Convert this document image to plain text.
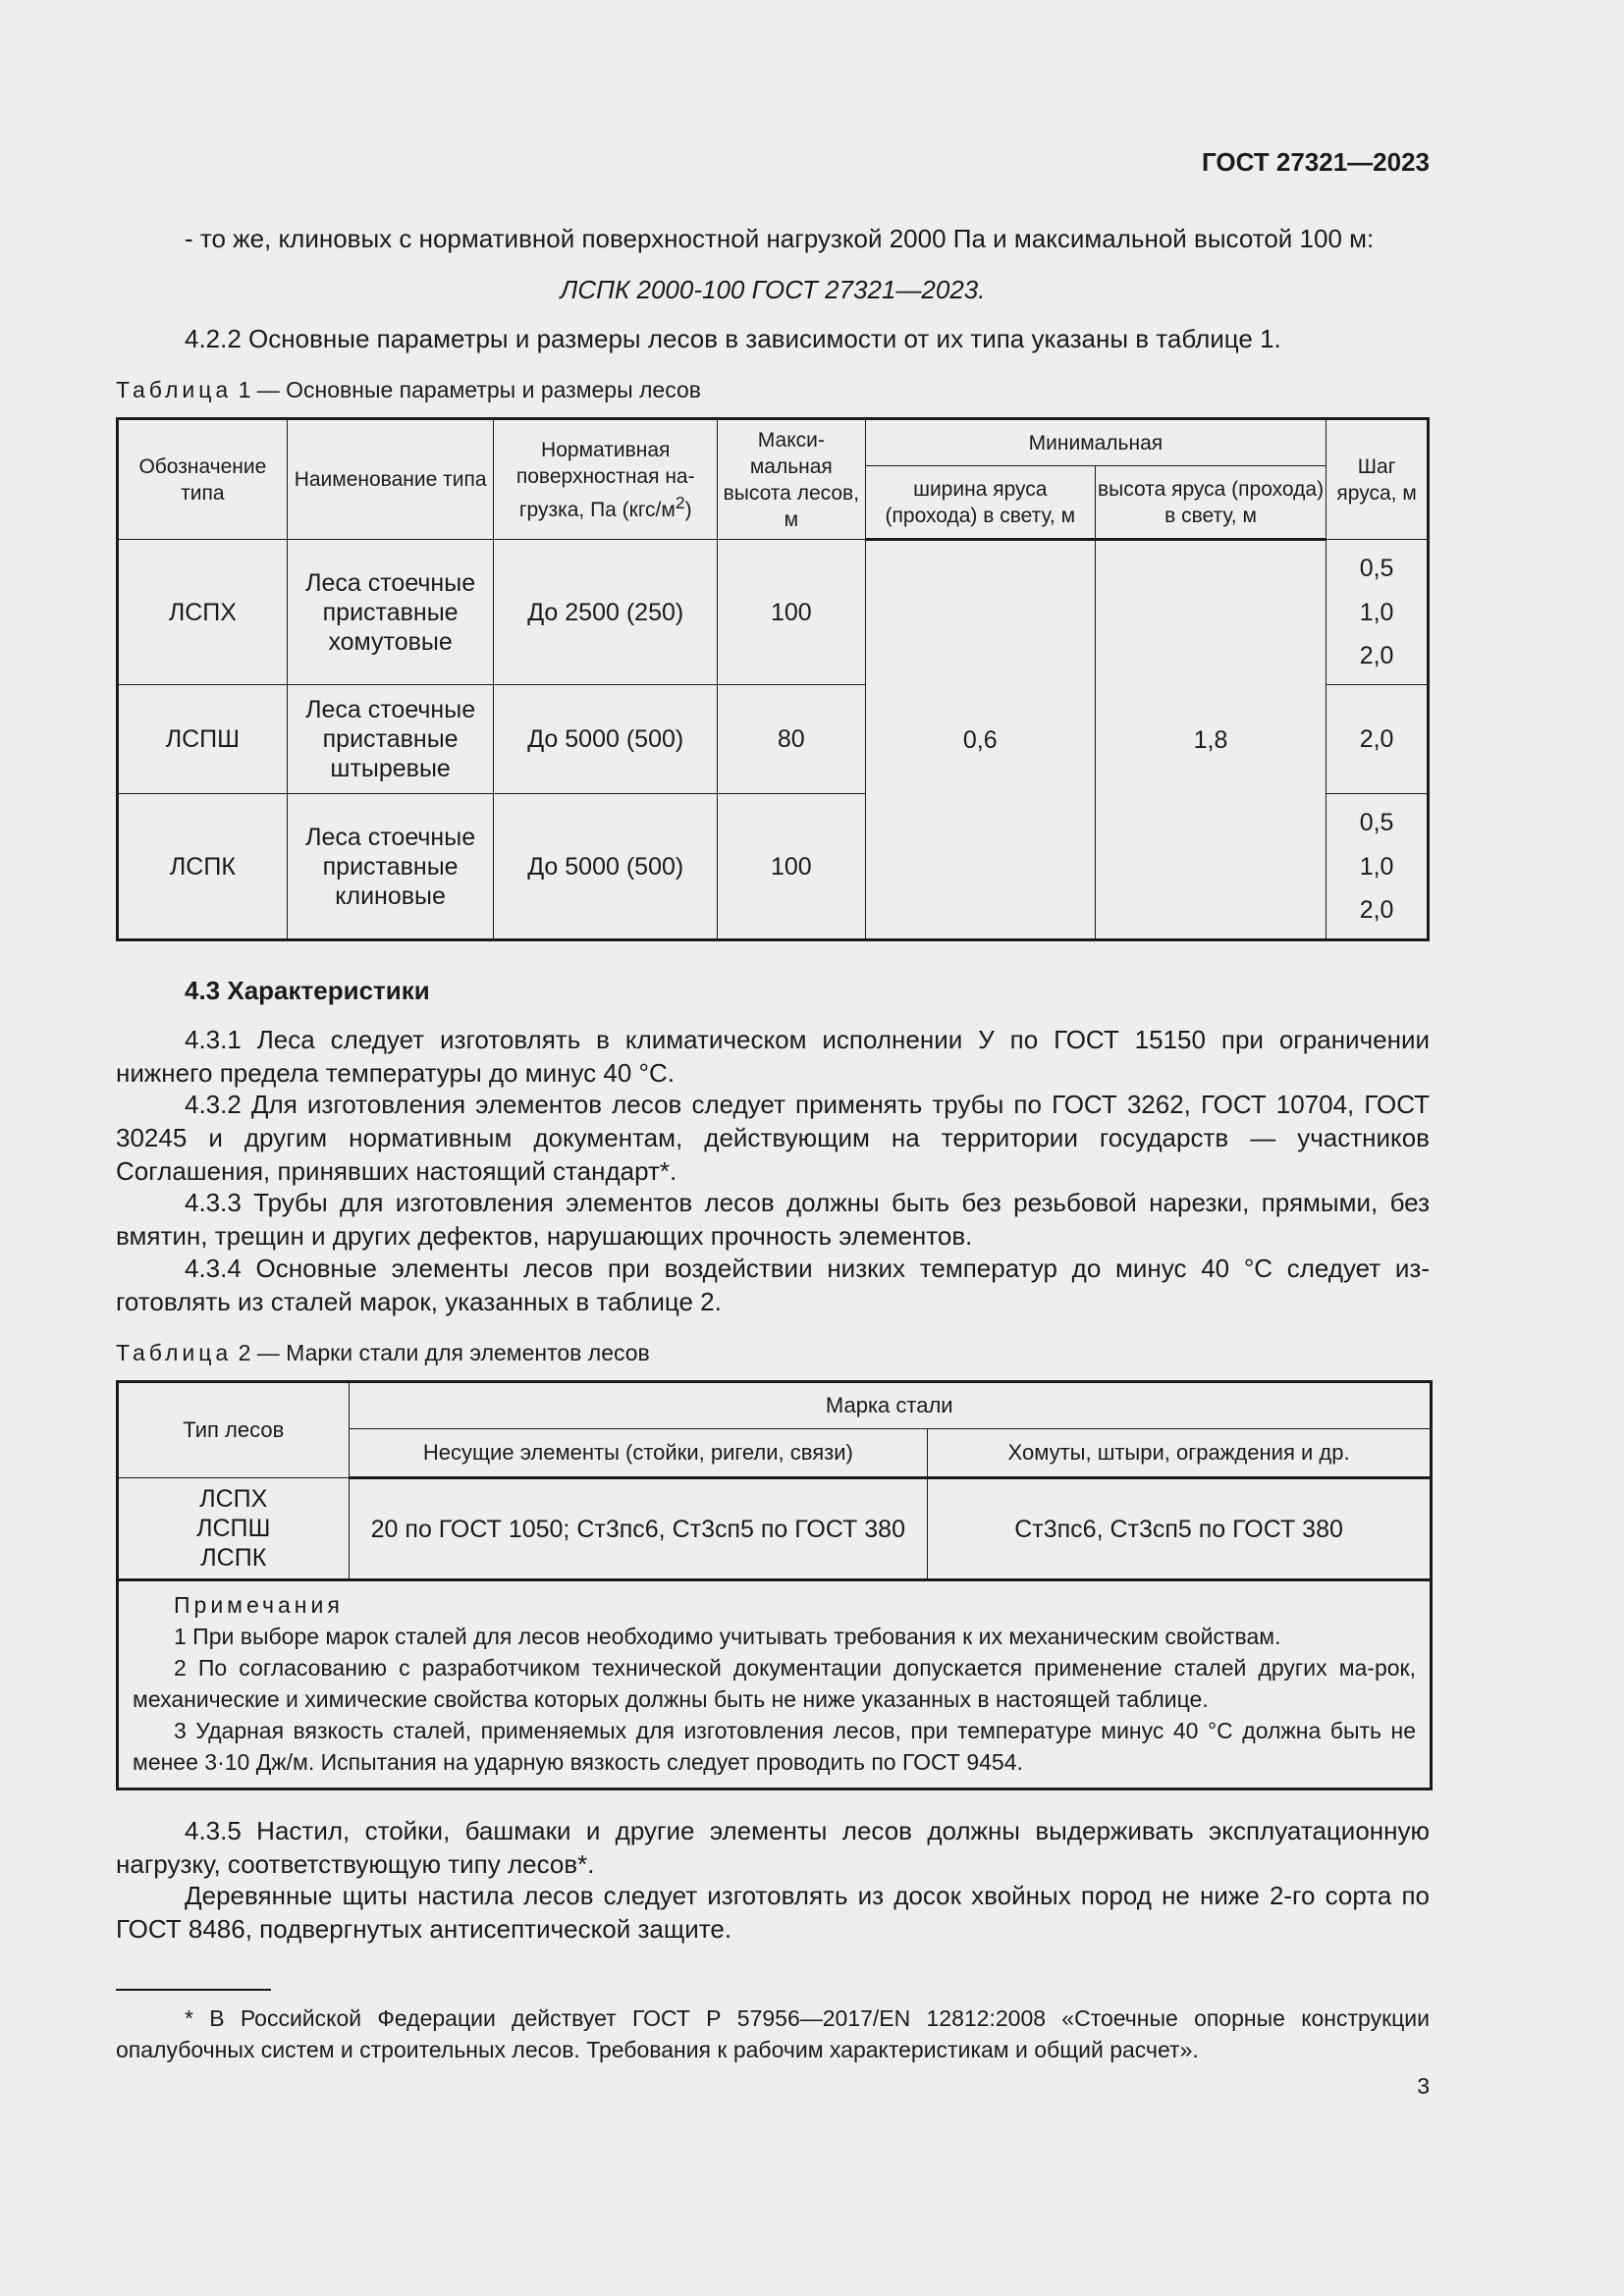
ГОСТ 27321—2023
- то же, клиновых с нормативной поверхностной нагрузкой 2000 Па и максимальной высотой 100 м:
ЛСПК 2000-100 ГОСТ 27321—2023.
4.2.2 Основные параметры и размеры лесов в зависимости от их типа указаны в таблице 1.
Таблица 1 — Основные параметры и размеры лесов
Обозначение типа	Наименование типа	Нормативная поверхностная на-грузка, Па $(кгс/м^2)$	Макси-мальная высота лесов, м	Минимальная		Шаг яруса, м
				ширина яруса (прохода) в свету, м	высота яруса (прохода) в свету, м	
ЛСПХ	Леса стоечные приставные хомутовые	До 2500 (250)	100	0,6	1,8	0,5
1,0
2,0

ЛСПШ	Леса стоечные приставные штыревые	До 5000 (500)	80			2,0
ЛСПК	Леса стоечные приставные клиновые	До 5000 (500)	100			0,5
1,0
2,0
4.3 Характеристики
4.3.1 Леса следует изготовлять в климатическом исполнении У по ГОСТ 15150 при ограничении нижнего предела температуры до минус 40 °С.
4.3.2 Для изготовления элементов лесов следует применять трубы по ГОСТ 3262, ГОСТ 10704, ГОСТ 30245 и другим нормативным документам, действующим на территории государств — участников Соглашения, принявших настоящий стандарт*.
4.3.3 Трубы для изготовления элементов лесов должны быть без резьбовой нарезки, прямыми, без вмятин, трещин и других дефектов, нарушающих прочность элементов.
4.3.4 Основные элементы лесов при воздействии низких температур до минус 40 °С следует из-готовлять из сталей марок, указанных в таблице 2.
Таблица 2 — Марки стали для элементов лесов
Тип лесов	Марка стали	
	Несущие элементы (стойки, ригели, связи)	Хомуты, штыри, ограждения и др.

ЛСПХ
ЛСПШ
ЛСПК	20 по ГОСТ 1050; Ст3пс6, Ст3сп5 по ГОСТ 380	Ст3пс6, Ст3сп5 по ГОСТ 380

Примечания
1 При выборе марок сталей для лесов необходимо учитывать требования к их механическим свойствам.
2 По согласованию с разработчиком технической документации допускается применение сталей других ма-рок, механические и химические свойства которых должны быть не ниже указанных в настоящей таблице.
3 Ударная вязкость сталей, применяемых для изготовления лесов, при температуре минус 40 °С должна быть не менее 3·10 Дж/м. Испытания на ударную вязкость следует проводить по ГОСТ 9454.		
4.3.5 Настил, стойки, башмаки и другие элементы лесов должны выдерживать эксплуатационную нагрузку, соответствующую типу лесов*.
Деревянные щиты настила лесов следует изготовлять из досок хвойных пород не ниже 2-го сорта по ГОСТ 8486, подвергнутых антисептической защите.
* В Российской Федерации действует ГОСТ Р 57956—2017/EN 12812:2008 «Стоечные опорные конструкции опалубочных систем и строительных лесов. Требования к рабочим характеристикам и общий расчет».
3
